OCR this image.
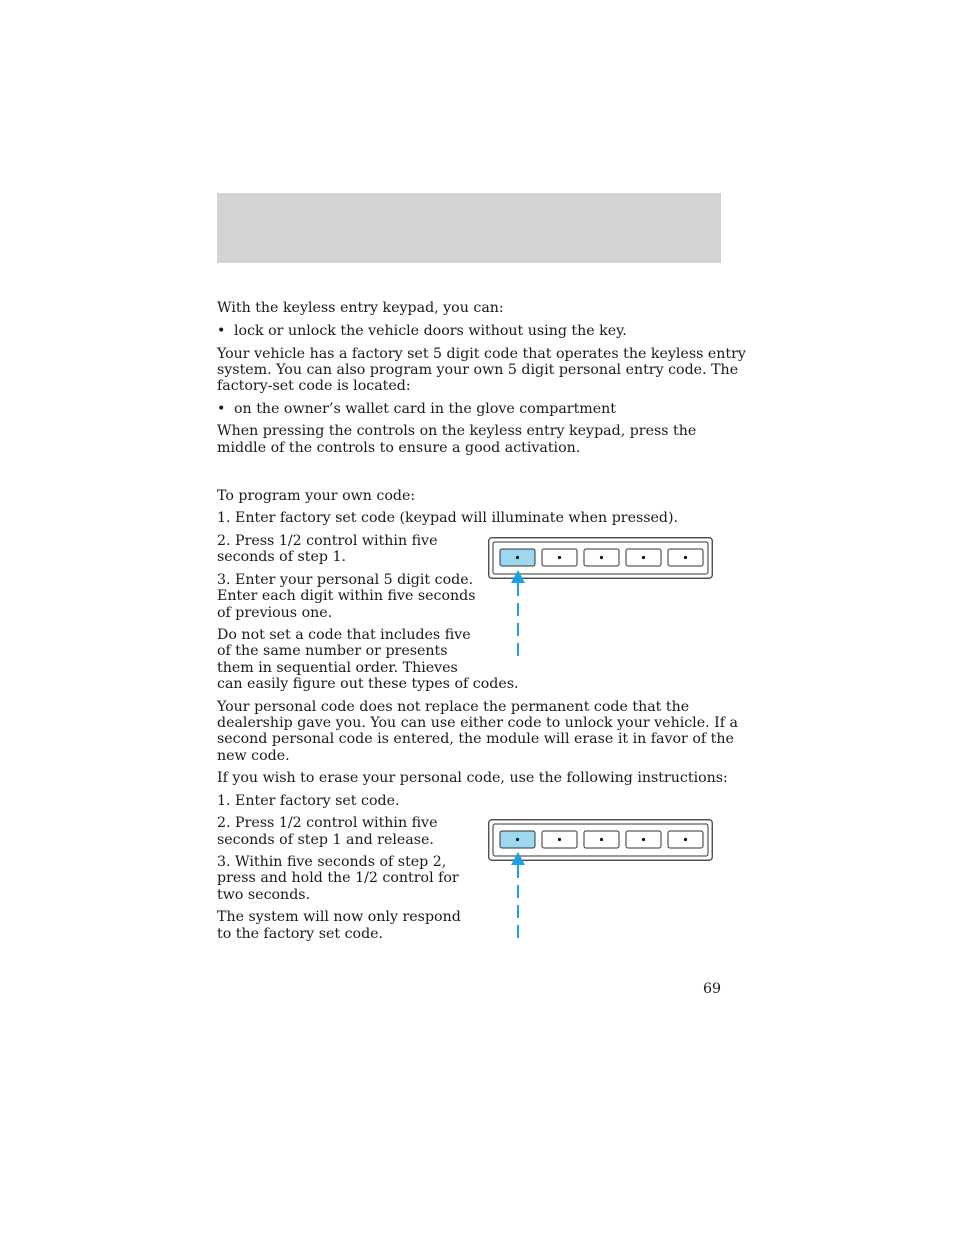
With the keyless entry keypad, you can:
• lock or unlock the vehicle doors without using the key.
Your vehicle has a factory set 5 digit code that operates the keyless entry
system. You can also program your own 5 digit personal entry code. The
factory-set code is located:
• on the owner’s wallet card in the glove compartment
When pressing the controls on the keyless entry keypad, press the
middle of the controls to ensure a good activation.
To program your own code:
1. Enter factory set code (keypad will illuminate when pressed).
2. Press 1/2 control within five
seconds of step 1.
3. Enter your personal 5 digit code.
Enter each digit within five seconds
of previous one.
Do not set a code that includes five
of the same number or presents
them in sequential order. Thieves
can easily figure out these types of codes.
Your personal code does not replace the permanent code that the
dealership gave you. You can use either code to unlock your vehicle. If a
second personal code is entered, the module will erase it in favor of the
new code.
If you wish to erase your personal code, use the following instructions:
1. Enter factory set code.
2. Press 1/2 control within five
seconds of step 1 and release.
3. Within five seconds of step 2,
press and hold the 1/2 control for
two seconds.
The system will now only respond
to the factory set code.
69
